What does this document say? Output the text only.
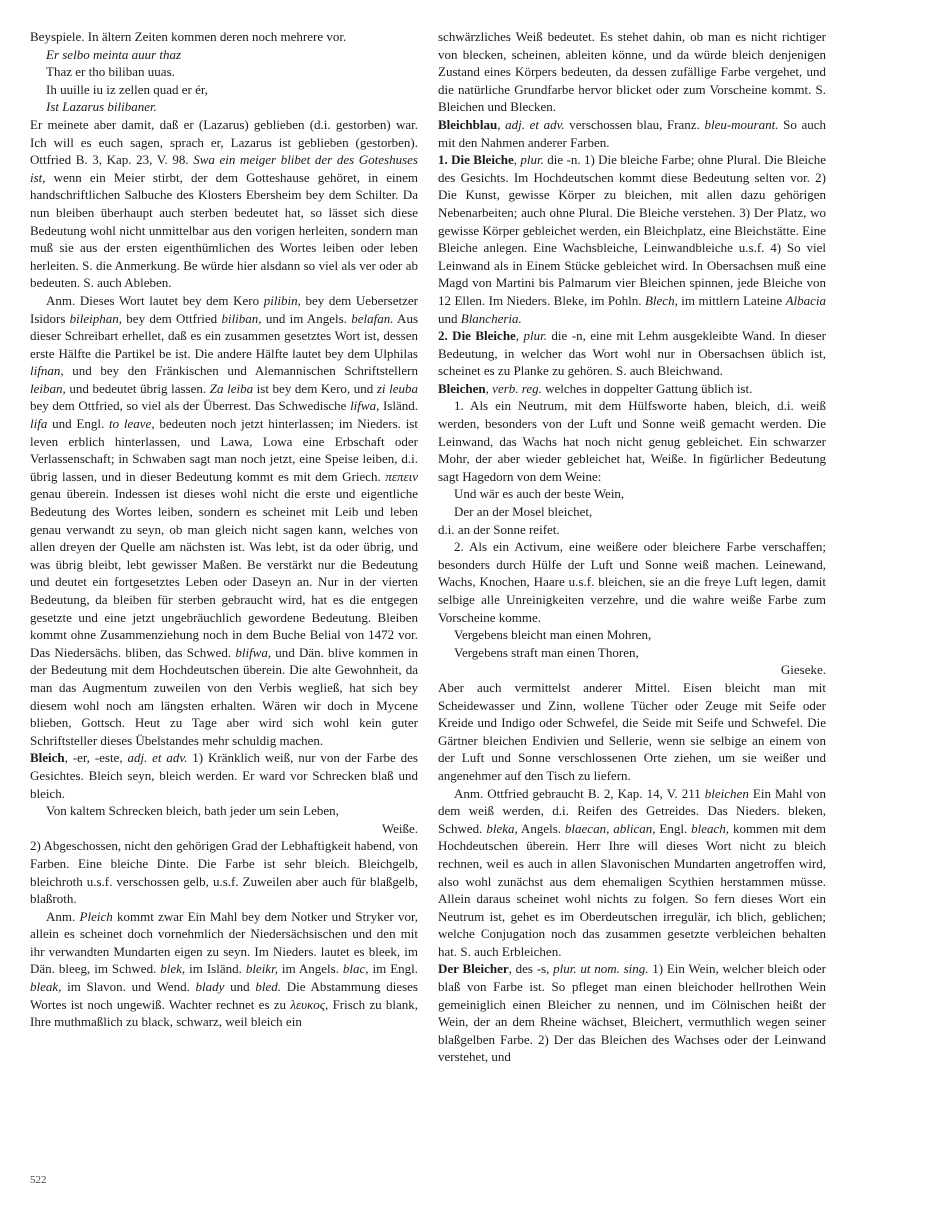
Beyspiele. In ältern Zeiten kommen deren noch mehrere vor.

Er selbo meinta auur thaz

Thaz er tho biliban uuas.

Ih uuille iu iz zellen quad er ér,

Ist Lazarus bilibaner.

Er meinete aber damit, daß er (Lazarus) geblieben (d.i. gestorben) war. Ich will es euch sagen, sprach er, Lazarus ist geblieben (gestorben). Ottfried B. 3, Kap. 23, V. 98. Swa ein meiger blibet der des Goteshuses ist, wenn ein Meier stirbt, der dem Gotteshause gehöret, in einem handschriftlichen Salbuche des Klosters Ebersheim bey dem Schilter. Da nun bleiben überhaupt auch sterben bedeutet hat, so lässet sich diese Bedeutung wohl nicht unmittelbar aus den vorigen herleiten, sondern man muß sie aus der ersten eigenthümlichen des Wortes leiben oder leben herleiten. S. die Anmerkung. Be würde hier alsdann so viel als ver oder ab bedeuten. S. auch Ableben.

Anm. Dieses Wort lautet bey dem Kero pilibin, bey dem Uebersetzer Isidors bileiphan, bey dem Ottfried biliban, und im Angels. belafan. Aus dieser Schreibart erhellet, daß es ein zusammen gesetztes Wort ist, dessen erste Hälfte die Partikel be ist. Die andere Hälfte lautet bey dem Ulphilas lifnan, und bey den Fränkischen und Alemannischen Schriftstellern leiban, und bedeutet übrig lassen. Za leiba ist bey dem Kero, und zi leuba bey dem Ottfried, so viel als der Überrest. Das Schwedische lifwa, Isländ. lifa und Engl. to leave, bedeuten noch jetzt hinterlassen; im Nieders. ist leven erblich hinterlassen, und Lawa, Lowa eine Erbschaft oder Verlassenschaft; in Schwaben sagt man noch jetzt, eine Speise leiben, d.i. übrig lassen, und in dieser Bedeutung kommt es mit dem Griech. πεπειν genau überein. Indessen ist dieses wohl nicht die erste und eigentliche Bedeutung des Wortes leiben, sondern es scheinet mit Leib und leben genau verwandt zu seyn, ob man gleich nicht sagen kann, welches von allen dreyen der Quelle am nächsten ist. Was lebt, ist da oder übrig, und was übrig bleibt, lebt gewisser Maßen. Be verstärkt nur die Bedeutung und deutet ein fortgesetztes Leben oder Daseyn an. Nur in der vierten Bedeutung, da bleiben für sterben gebraucht wird, hat es die entgegen gesetzte und eine jetzt ungebräuchlich gewordene Bedeutung. Bleiben kommt ohne Zusammenziehung noch in dem Buche Belial von 1472 vor. Das Niedersächs. bliben, das Schwed. blifwa, und Dän. blive kommen in der Bedeutung mit dem Hochdeutschen überein. Die alte Gewohnheit, da man das Augmentum zuweilen von den Verbis wegließ, hat sich bey diesem wohl noch am längsten erhalten. Wären wir doch in Mycene blieben, Gottsch. Heut zu Tage aber wird sich wohl kein guter Schriftsteller dieses Übelstandes mehr schuldig machen.

Bleich, -er, -este, adj. et adv. 1) Kränklich weiß, nur von der Farbe des Gesichtes. Bleich seyn, bleich werden. Er ward vor Schrecken blaß und bleich.

Von kaltem Schrecken bleich, bath jeder um sein Leben,

Weiße.

2) Abgeschossen, nicht den gehörigen Grad der Lebhaftigkeit habend, von Farben. Eine bleiche Dinte. Die Farbe ist sehr bleich. Bleichgelb, bleichroth u.s.f. verschossen gelb, u.s.f. Zuweilen aber auch für blaßgelb, blaßroth.

Anm. Pleich kommt zwar Ein Mahl bey dem Notker und Stryker vor, allein es scheinet doch vornehmlich der Niedersächsischen und den mit ihr verwandten Mundarten eigen zu seyn. Im Nieders. lautet es bleek, im Dän. bleeg, im Schwed. blek, im Isländ. bleikr, im Angels. blac, im Engl. bleak, im Slavon. und Wend. blady und bled. Die Abstammung dieses Wortes ist noch ungewiß. Wachter rechnet es zu λευκος, Frisch zu blank, Ihre muthmaßlich zu black, schwarz, weil bleich ein

schwärzliches Weiß bedeutet. Es stehet dahin, ob man es nicht richtiger von blecken, scheinen, ableiten könne, und da würde bleich denjenigen Zustand eines Körpers bedeuten, da dessen zufällige Farbe vergehet, und die natürliche Grundfarbe hervor blicket oder zum Vorscheine kommt. S. Bleichen und Blecken.

Bleichblau, adj. et adv. verschossen blau, Franz. bleu-mourant. So auch mit den Nahmen anderer Farben.

1. Die Bleiche, plur. die -n. 1) Die bleiche Farbe; ohne Plural. Die Bleiche des Gesichts. Im Hochdeutschen kommt diese Bedeutung selten vor. 2) Die Kunst, gewisse Körper zu bleichen, mit allen dazu gehörigen Nebenarbeiten; auch ohne Plural. Die Bleiche verstehen. 3) Der Platz, wo gewisse Körper gebleichet werden, ein Bleichplatz, eine Bleichstätte. Eine Bleiche anlegen. Eine Wachsbleiche, Leinwandbleiche u.s.f. 4) So viel Leinwand als in Einem Stücke gebleichet wird. In Obersachsen muß eine Magd von Martini bis Palmarum vier Bleichen spinnen, jede Bleiche von 12 Ellen. Im Nieders. Bleke, im Pohln. Blech, im mittlern Lateine Albacia und Blancheria.

2. Die Bleiche, plur. die -n, eine mit Lehm ausgekleibte Wand. In dieser Bedeutung, in welcher das Wort wohl nur in Obersachsen üblich ist, scheinet es zu Planke zu gehören. S. auch Bleichwand.

Bleichen, verb. reg. welches in doppelter Gattung üblich ist.

1. Als ein Neutrum, mit dem Hülfsworte haben, bleich, d.i. weiß werden, besonders von der Luft und Sonne weiß gemacht werden. Die Leinwand, das Wachs hat noch nicht genug gebleichet. Ein schwarzer Mohr, der aber wieder gebleichet hat, Weiße. In figürlicher Bedeutung sagt Hagedorn von dem Weine:

Und wär es auch der beste Wein,

Der an der Mosel bleichet,

d.i. an der Sonne reifet.

2. Als ein Activum, eine weißere oder bleichere Farbe verschaffen; besonders durch Hülfe der Luft und Sonne weiß machen. Leinewand, Wachs, Knochen, Haare u.s.f. bleichen, sie an die freye Luft legen, damit selbige alle Unreinigkeiten verzehre, und die wahre weiße Farbe zum Vorscheine komme.

Vergebens bleicht man einen Mohren,

Vergebens straft man einen Thoren,

Gieseke.

Aber auch vermittelst anderer Mittel. Eisen bleicht man mit Scheidewasser und Zinn, wollene Tücher oder Zeuge mit Seife oder Kreide und Indigo oder Schwefel, die Seide mit Seife und Schwefel. Die Gärtner bleichen Endivien und Sellerie, wenn sie selbige an einem von der Luft und Sonne verschlossenen Orte ziehen, um sie weißer und angenehmer auf den Tisch zu liefern.

Anm. Ottfried gebraucht B. 2, Kap. 14, V. 211 bleichen Ein Mahl von dem weiß werden, d.i. Reifen des Getreides. Das Nieders. bleken, Schwed. bleka, Angels. blaecan, ablican, Engl. bleach, kommen mit dem Hochdeutschen überein. Herr Ihre will dieses Wort nicht zu bleich rechnen, weil es auch in allen Slavonischen Mundarten angetroffen wird, also wohl zunächst aus dem ehemaligen Scythien herstammen müsse. Allein daraus scheinet wohl nichts zu folgen. So fern dieses Wort ein Neutrum ist, gehet es im Oberdeutschen irregulär, ich blich, geblichen; welche Conjugation noch das zusammen gesetzte verbleichen behalten hat. S. auch Erbleichen.

Der Bleicher, des -s, plur. ut nom. sing. 1) Ein Wein, welcher bleich oder blaß von Farbe ist. So pfleget man einen bleichoder hellrothen Wein gemeiniglich einen Bleicher zu nennen, und im Cölnischen heißt der Wein, der an dem Rheine wächset, Bleichert, vermuthlich wegen seiner blaßgelben Farbe. 2) Der das Bleichen des Wachses oder der Leinwand verstehet, und

522
